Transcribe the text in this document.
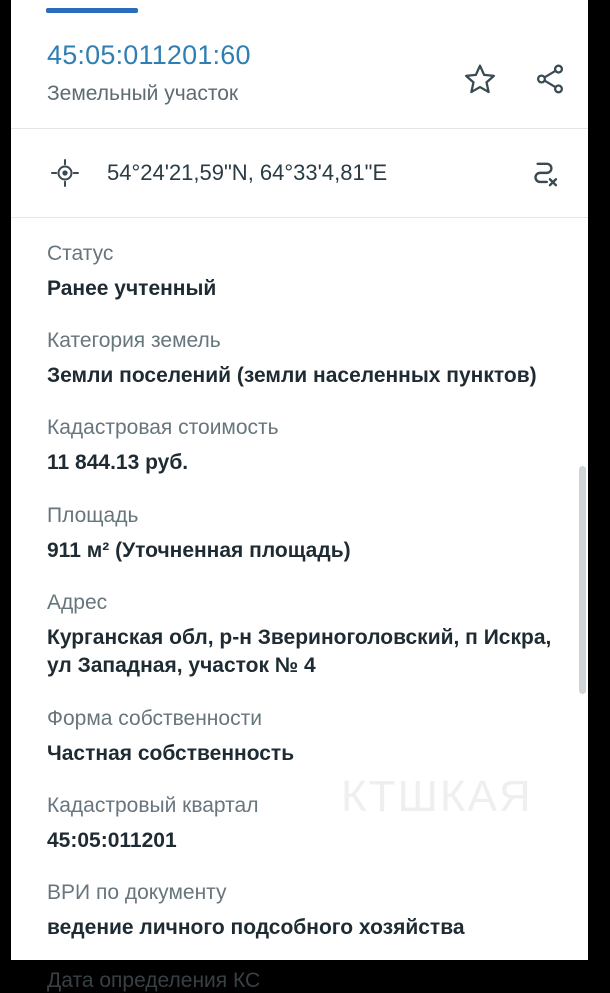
45:05:011201:60
Земельный участок
54°24'21,59"N, 64°33'4,81"E
Статус
Ранее учтенный
Категория земель
Земли поселений (земли населенных пунктов)
Кадастровая стоимость
11 844.13 руб.
Площадь
911 м² (Уточненная площадь)
Адрес
Курганская обл, р-н Звериноголовский, п Искра, ул Западная, участок № 4
Форма собственности
Частная собственность
Кадастровый квартал
45:05:011201
ВРИ по документу
ведение личного подсобного хозяйства
Дата определения КС
КТШКАЯ
